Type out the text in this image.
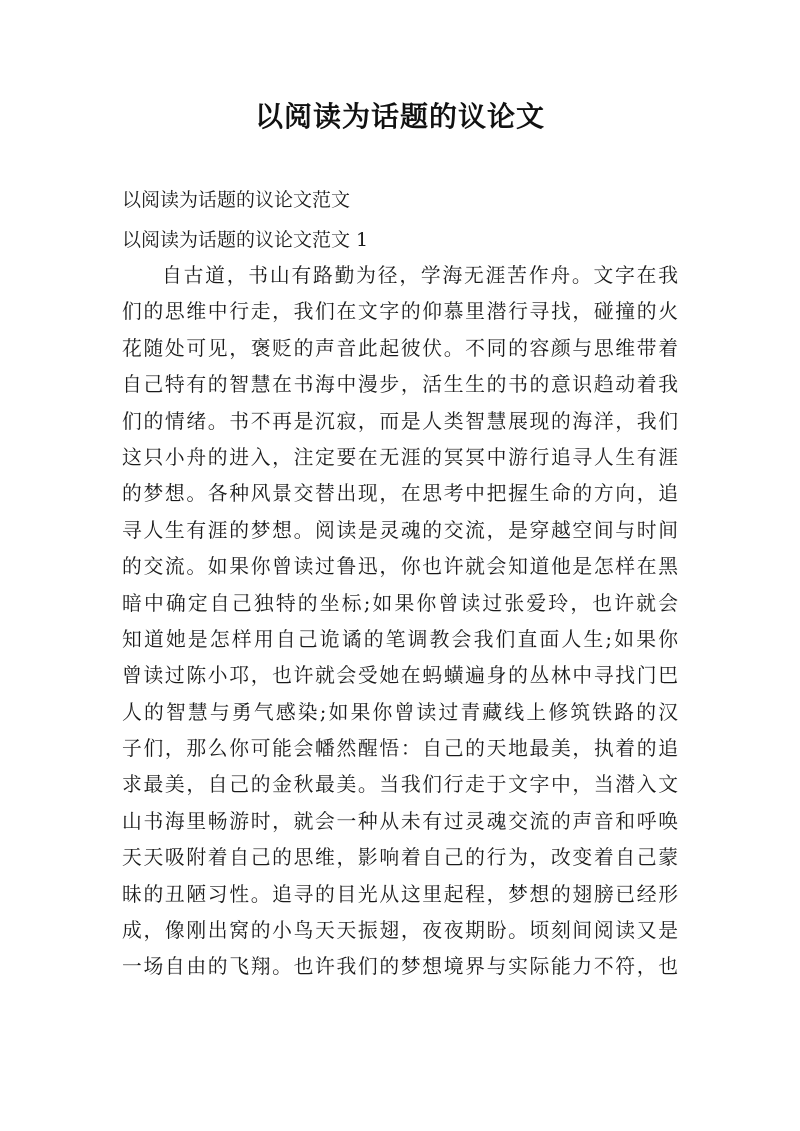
以阅读为话题的议论文
以阅读为话题的议论文范文
以阅读为话题的议论文范文 1
自古道，书山有路勤为径，学海无涯苦作舟。文字在我
们的思维中行走，我们在文字的仰慕里潜行寻找，碰撞的火
花随处可见，褒贬的声音此起彼伏。不同的容颜与思维带着
自己特有的智慧在书海中漫步，活生生的书的意识趋动着我
们的情绪。书不再是沉寂，而是人类智慧展现的海洋，我们
这只小舟的进入，注定要在无涯的冥冥中游行追寻人生有涯
的梦想。各种风景交替出现，在思考中把握生命的方向，追
寻人生有涯的梦想。阅读是灵魂的交流，是穿越空间与时间
的交流。如果你曾读过鲁迅，你也许就会知道他是怎样在黑
暗中确定自己独特的坐标;如果你曾读过张爱玲，也许就会
知道她是怎样用自己诡谲的笔调教会我们直面人生;如果你
曾读过陈小邛，也许就会受她在蚂蟥遍身的丛林中寻找门巴
人的智慧与勇气感染;如果你曾读过青藏线上修筑铁路的汉
子们，那么你可能会幡然醒悟：自己的天地最美，执着的追
求最美，自己的金秋最美。当我们行走于文字中，当潜入文
山书海里畅游时，就会一种从未有过灵魂交流的声音和呼唤
天天吸附着自己的思维，影响着自己的行为，改变着自己蒙
昧的丑陋习性。追寻的目光从这里起程，梦想的翅膀已经形
成，像刚出窝的小鸟天天振翅，夜夜期盼。顷刻间阅读又是
一场自由的飞翔。也许我们的梦想境界与实际能力不符，也
